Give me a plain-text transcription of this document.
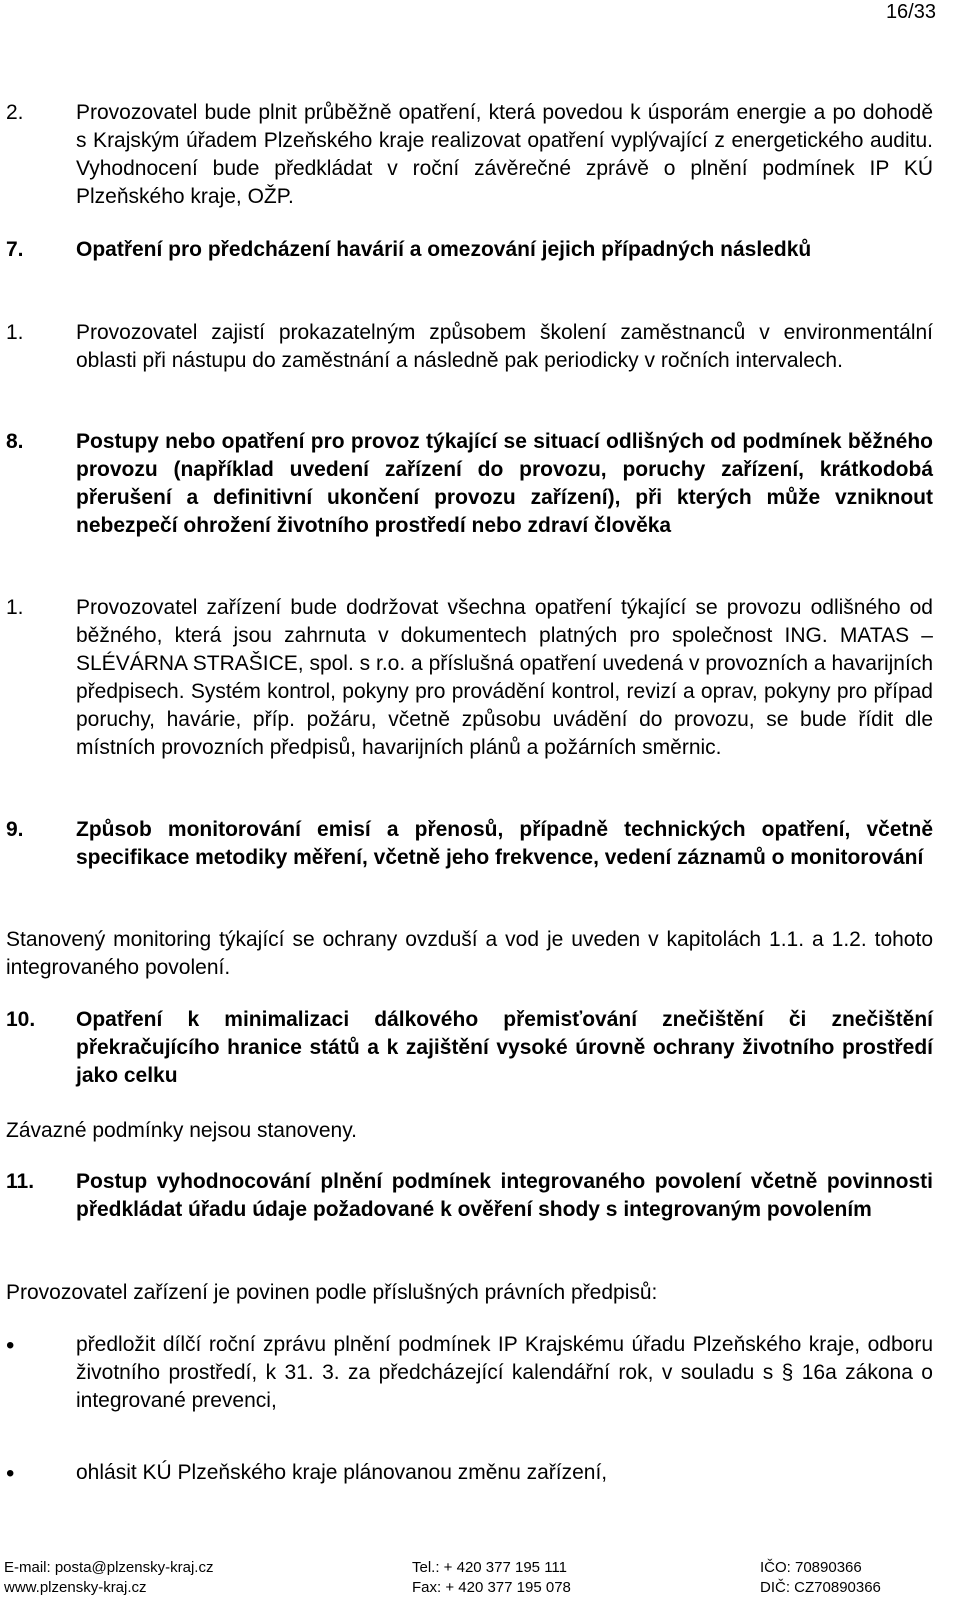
16/33
2. Provozovatel bude plnit průběžně opatření, která povedou k úsporám energie a po dohodě s Krajským úřadem Plzeňského kraje realizovat opatření vyplývající z energetického auditu. Vyhodnocení bude předkládat v roční závěrečné zprávě o plnění podmínek IP KÚ Plzeňského kraje, OŽP.
7. Opatření pro předcházení havárií a omezování jejich případných následků
1. Provozovatel zajistí prokazatelným způsobem školení zaměstnanců v environmentální oblasti při nástupu do zaměstnání a následně pak periodicky v ročních intervalech.
8. Postupy nebo opatření pro provoz týkající se situací odlišných od podmínek běžného provozu (například uvedení zařízení do provozu, poruchy zařízení, krátkodobá přerušení a definitivní ukončení provozu zařízení), při kterých může vzniknout nebezpečí ohrožení životního prostředí nebo zdraví člověka
1. Provozovatel zařízení bude dodržovat všechna opatření týkající se provozu odlišného od běžného, která jsou zahrnuta v dokumentech platných pro společnost ING. MATAS – SLÉVÁRNA STRAŠICE, spol. s r.o. a příslušná opatření uvedená v provozních a havarijních předpisech. Systém kontrol, pokyny pro provádění kontrol, revizí a oprav, pokyny pro případ poruchy, havárie, příp. požáru, včetně způsobu uvádění do provozu, se bude řídit dle místních provozních předpisů, havarijních plánů a požárních směrnic.
9. Způsob monitorování emisí a přenosů, případně technických opatření, včetně specifikace metodiky měření, včetně jeho frekvence, vedení záznamů o monitorování
Stanovený monitoring týkající se ochrany ovzduší a vod je uveden v kapitolách 1.1. a 1.2. tohoto integrovaného povolení.
10. Opatření k minimalizaci dálkového přemisťování znečištění či znečištění překračujícího hranice států a k zajištění vysoké úrovně ochrany životního prostředí jako celku
Závazné podmínky nejsou stanoveny.
11. Postup vyhodnocování plnění podmínek integrovaného povolení včetně povinnosti předkládat úřadu údaje požadované k ověření shody s integrovaným povolením
Provozovatel zařízení je povinen podle příslušných právních předpisů:
•	předložit dílčí roční zprávu plnění podmínek IP Krajskému úřadu Plzeňského kraje, odboru životního prostředí, k 31. 3. za předcházející kalendářní rok, v souladu s § 16a zákona o integrované prevenci,
•	ohlásit KÚ Plzeňského kraje plánovanou změnu zařízení,
E-mail: posta@plzensky-kraj.cz
www.plzensky-kraj.cz
Tel.: + 420 377 195 111
Fax: + 420 377 195 078
IČO: 70890366
DIČ: CZ70890366
